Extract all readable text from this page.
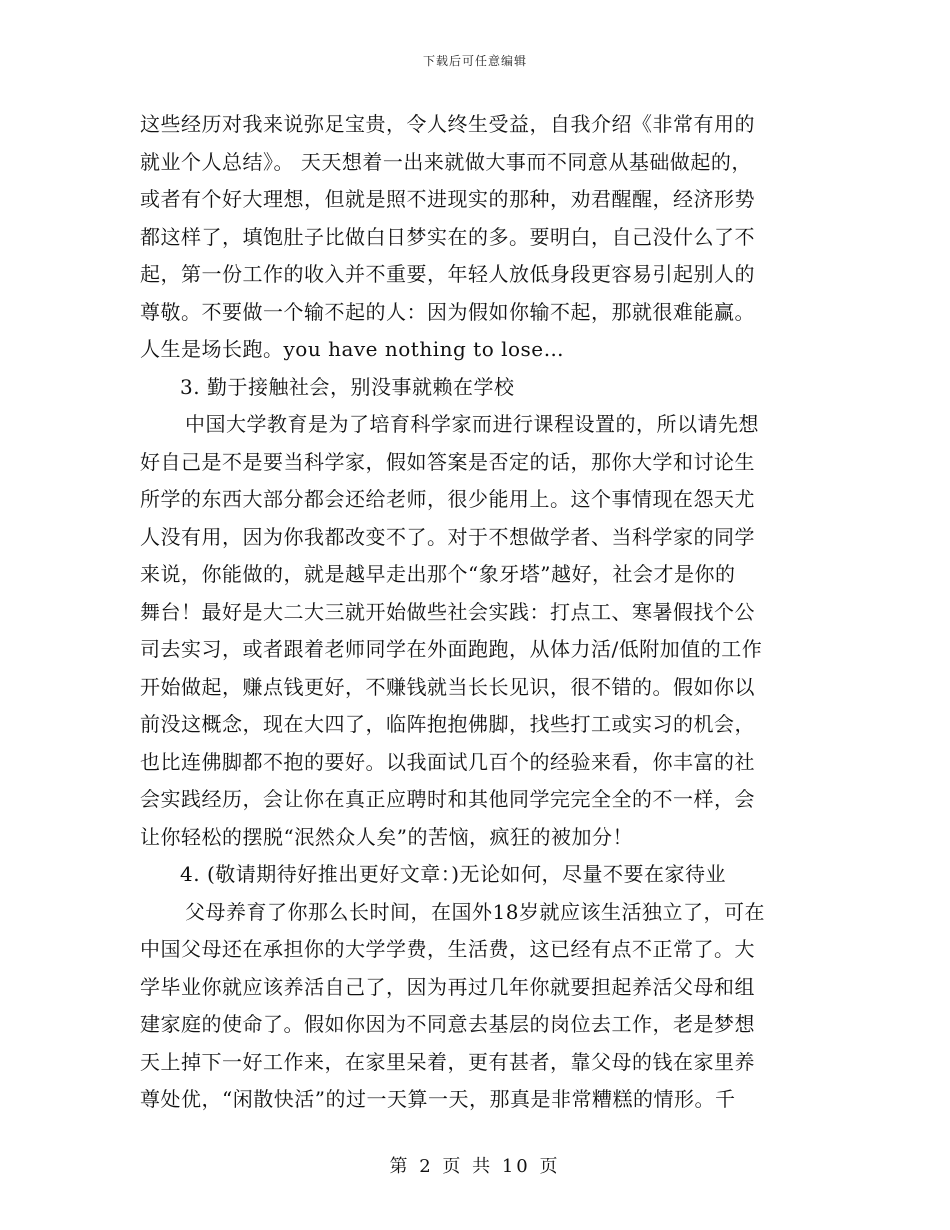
下载后可任意编辑
这些经历对我来说弥足宝贵，令人终生受益，自我介绍《非常有用的
就业个人总结》。 天天想着一出来就做大事而不同意从基础做起的，
或者有个好大理想，但就是照不进现实的那种，劝君醒醒，经济形势
都这样了，填饱肚子比做白日梦实在的多。要明白，自己没什么了不
起，第一份工作的收入并不重要，年轻人放低身段更容易引起别人的
尊敬。不要做一个输不起的人：因为假如你输不起，那就很难能赢。
人生是场长跑。you have nothing to lose…
3. 勤于接触社会，别没事就赖在学校
中国大学教育是为了培育科学家而进行课程设置的，所以请先想
好自己是不是要当科学家，假如答案是否定的话，那你大学和讨论生
所学的东西大部分都会还给老师，很少能用上。这个事情现在怨天尤
人没有用，因为你我都改变不了。对于不想做学者、当科学家的同学
来说，你能做的，就是越早走出那个“象牙塔”越好，社会才是你的
舞台！最好是大二大三就开始做些社会实践：打点工、寒暑假找个公
司去实习，或者跟着老师同学在外面跑跑，从体力活/低附加值的工作
开始做起，赚点钱更好，不赚钱就当长长见识，很不错的。假如你以
前没这概念，现在大四了，临阵抱抱佛脚，找些打工或实习的机会，
也比连佛脚都不抱的要好。以我面试几百个的经验来看，你丰富的社
会实践经历，会让你在真正应聘时和其他同学完完全全的不一样，会
让你轻松的摆脱“泯然众人矣”的苦恼，疯狂的被加分！
4. (敬请期待好推出更好文章：)无论如何，尽量不要在家待业
父母养育了你那么长时间，在国外18岁就应该生活独立了，可在
中国父母还在承担你的大学学费，生活费，这已经有点不正常了。大
学毕业你就应该养活自己了，因为再过几年你就要担起养活父母和组
建家庭的使命了。假如你因为不同意去基层的岗位去工作，老是梦想
天上掉下一好工作来，在家里呆着，更有甚者，靠父母的钱在家里养
尊处优，“闲散快活”的过一天算一天，那真是非常糟糕的情形。千
第 2 页 共 10 页
